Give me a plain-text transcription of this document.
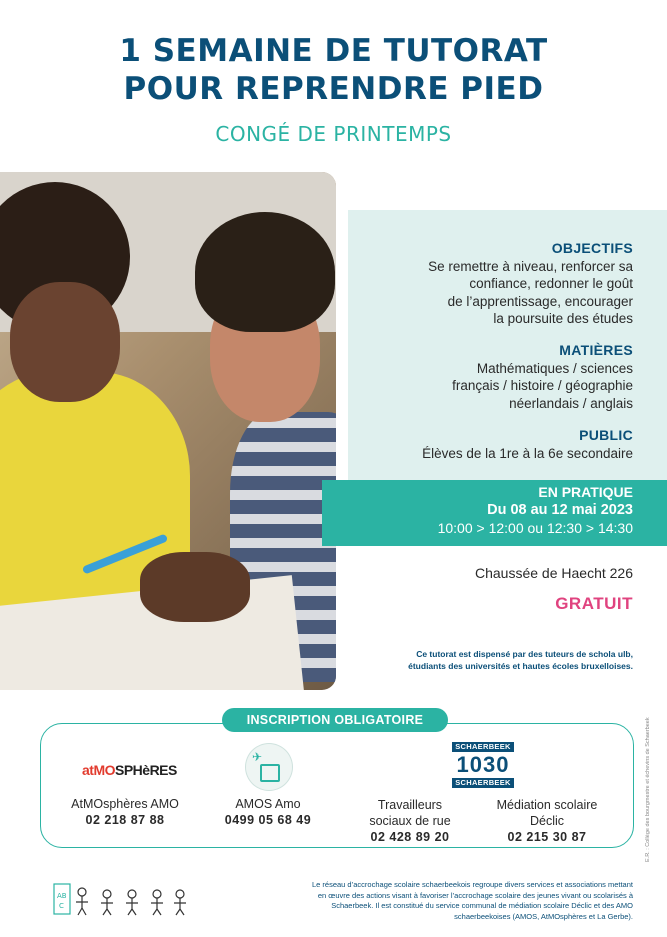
1 SEMAINE DE TUTORAT
POUR REPRENDRE PIED
CONGÉ DE PRINTEMPS
OBJECTIFS
Se remettre à niveau, renforcer sa
confiance, redonner le goût
de l’apprentissage, encourager
la poursuite des études
MATIÈRES
Mathématiques / sciences
français / histoire / géographie
néerlandais / anglais
PUBLIC
Élèves de la 1re à la 6e secondaire
EN PRATIQUE
Du 08 au 12 mai 2023
10:00 > 12:00 ou 12:30 > 14:30
Chaussée de Haecht 226
GRATUIT
Ce tutorat est dispensé par des tuteurs de schola ulb,
étudiants des universités et hautes écoles bruxelloises.
INSCRIPTION OBLIGATOIRE
atMOSPHèRES
✈
SCHAERBEEK
1030
SCHAERBEEK
AtMOsphères AMO
02 218 87 88
AMOS Amo
0499 05 68 49
Travailleurs
sociaux de rue
02 428 89 20
Médiation scolaire
Déclic
02 215 30 87	E.R. : Collège des bourgmestre et échevins de Schaerbeek
AB
C
Le réseau d’accrochage scolaire schaerbeekois regroupe divers services et associations mettant en œuvre des actions visant à favoriser l’accrochage scolaire des jeunes vivant ou scolarisés à Schaerbeek. Il est constitué du service communal de médiation scolaire Déclic et des AMO schaerbeekoises (AMOS, AtMOsphères et La Gerbe).
